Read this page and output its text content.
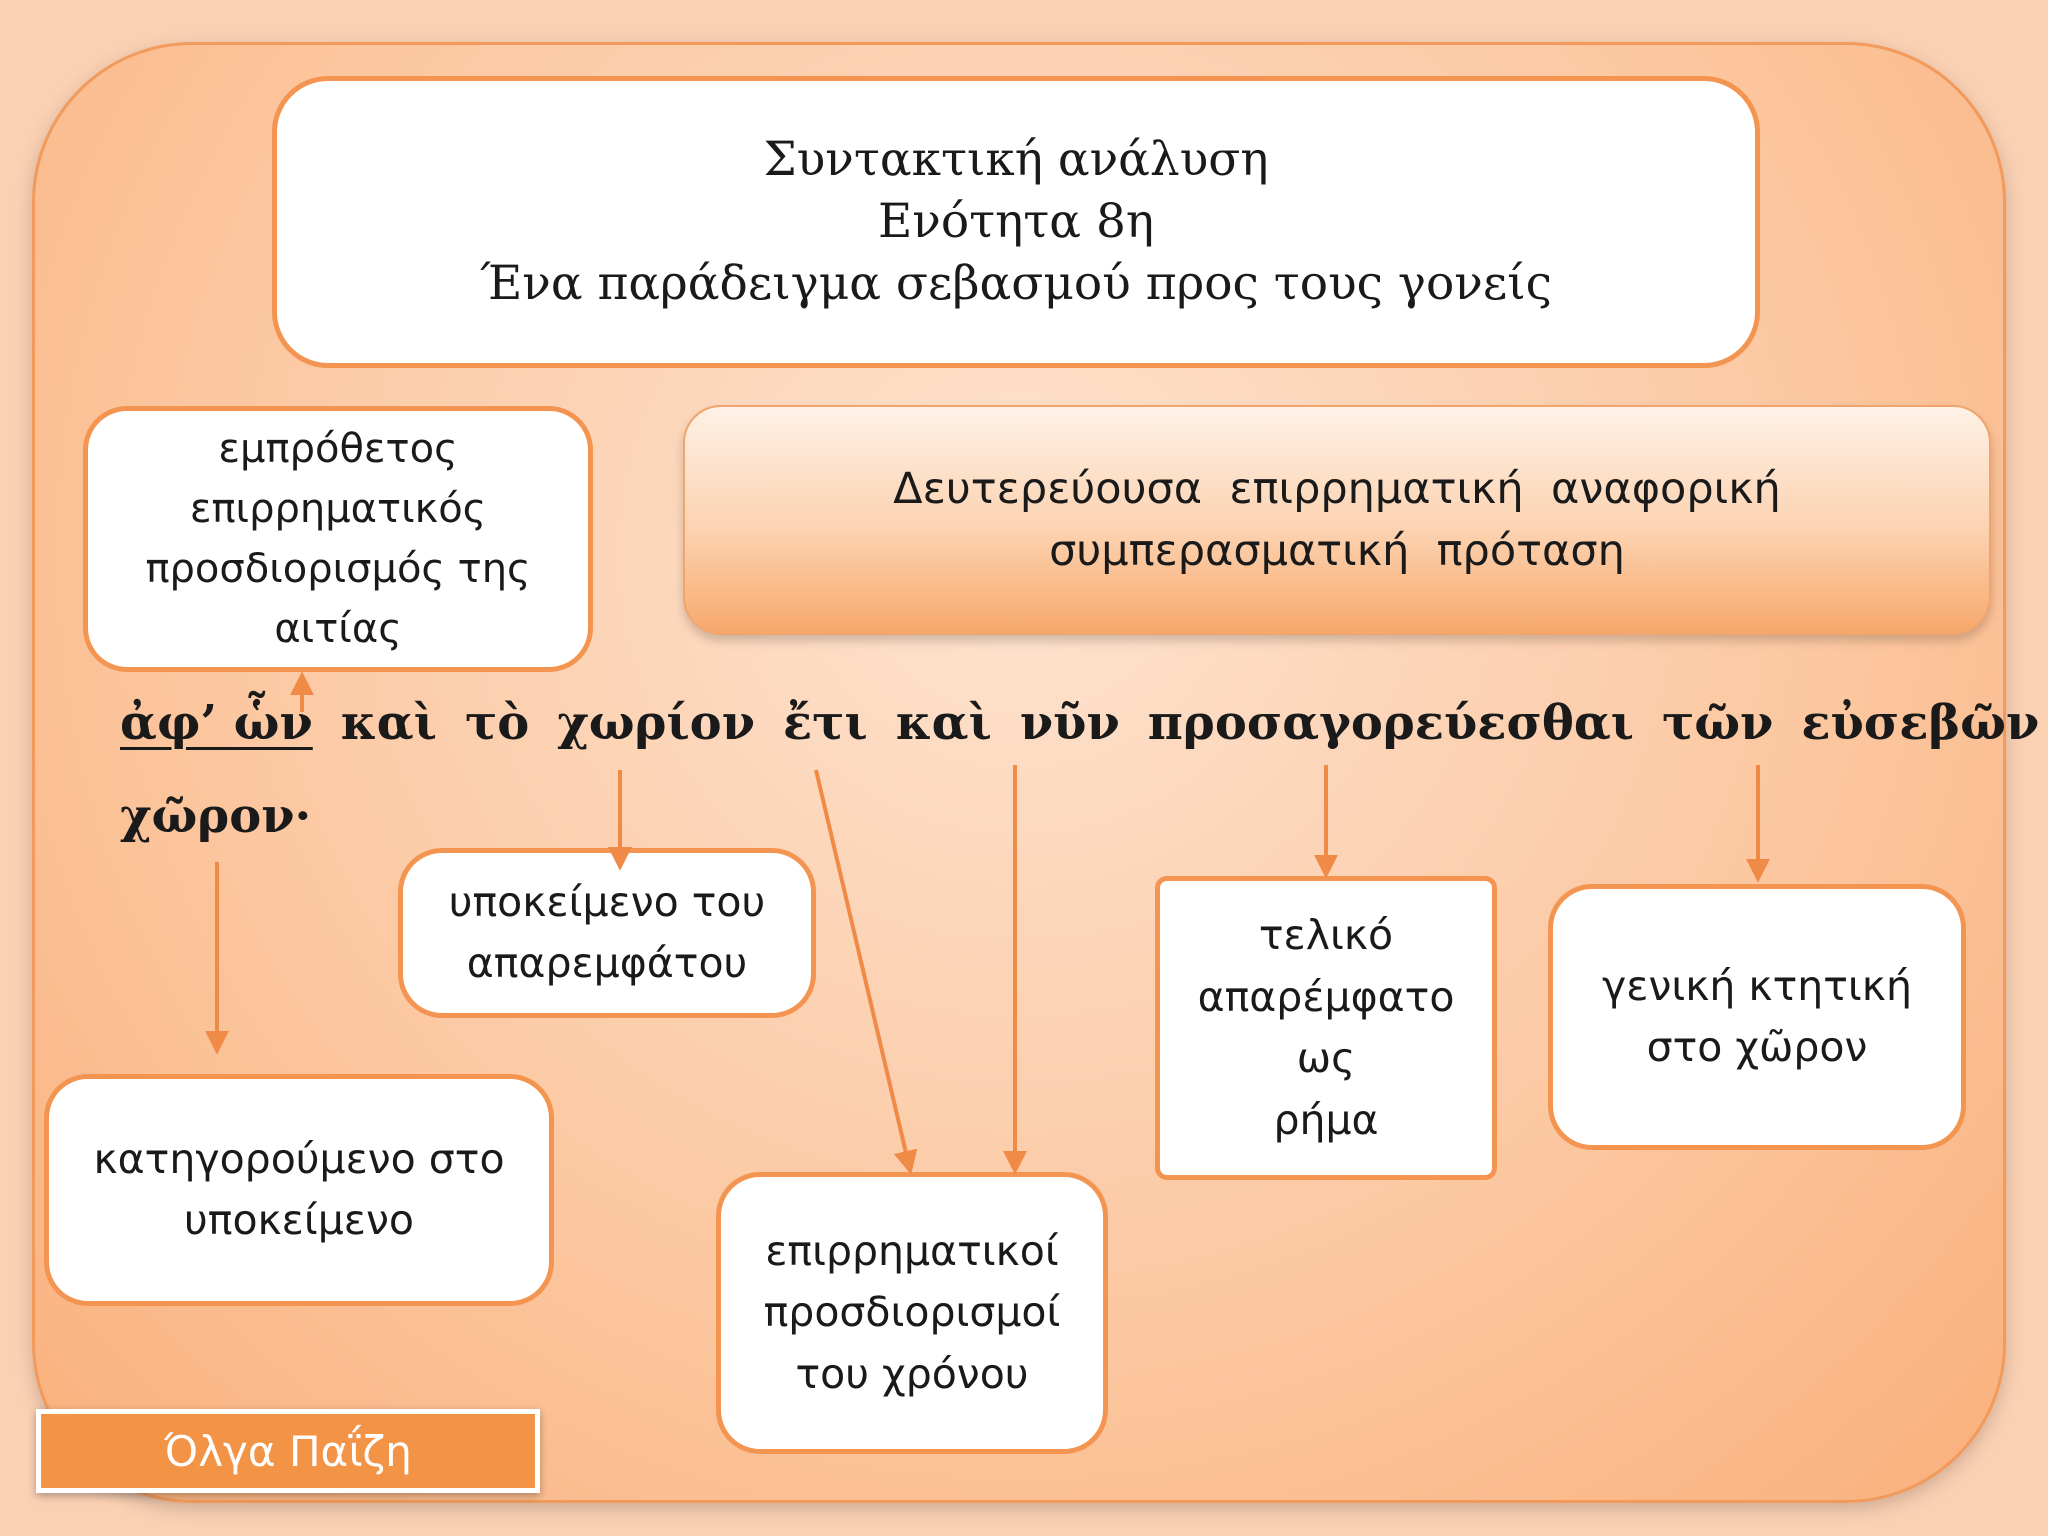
Συντακτική ανάλυση
Ενότητα 8η
Ένα παράδειγμα σεβασμού προς τους γονείς
Δευτερεύουσα  επιρρηματική  αναφορική
συμπερασματική  πρόταση
εμπρόθετος
επιρρηματικός
προσδιορισμός της
αιτίας

ἀφ’ ὧν καὶ τὸ χωρίον ἔτι καὶ νῦν προσαγορεύεσθαι τῶν εὐσεβῶν

χῶρον·

υποκείμενο του
απαρεμφάτου
τελικό
απαρέμφατο
ως
ρήμα
γενική κτητική
στο χῶρον
κατηγορούμενο στο
υποκείμενο
επιρρηματικοί
προσδιορισμοί
του χρόνου
Όλγα Παΐζη
